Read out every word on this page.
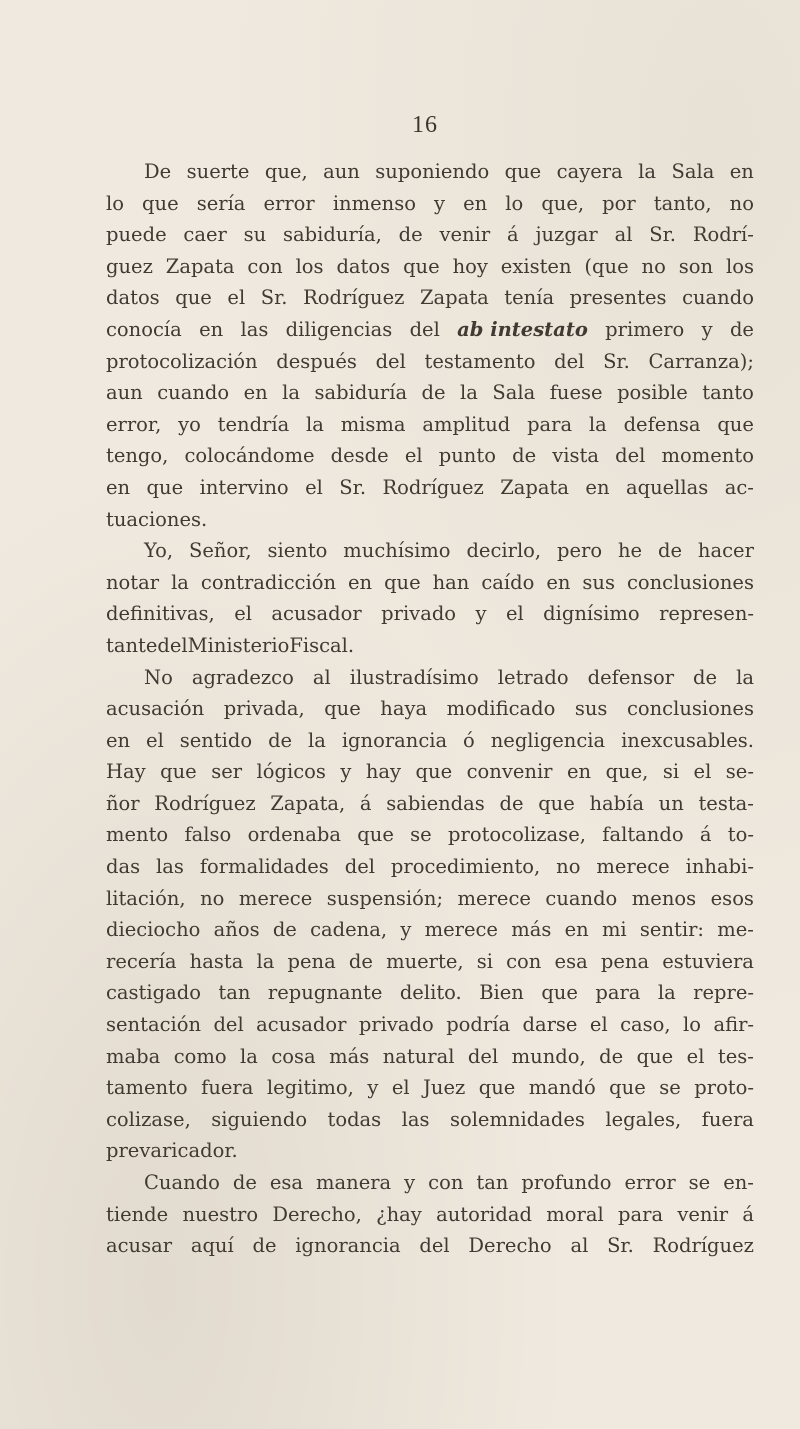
16
De suerte que, aun suponiendo que cayera la Sala en
lo que sería error inmenso y en lo que, por tanto, no
puede caer su sabiduría, de venir á juzgar al Sr. Rodrí-
guez Zapata con los datos que hoy existen (que no son los
datos que el Sr. Rodríguez Zapata tenía presentes cuando
conocía en las diligencias del ab intestato primero y de
protocolización después del testamento del Sr. Carranza);
aun cuando en la sabiduría de la Sala fuese posible tanto
error, yo tendría la misma amplitud para la defensa que
tengo, colocándome desde el punto de vista del momento
en que intervino el Sr. Rodríguez Zapata en aquellas ac-
tuaciones.
Yo, Señor, siento muchísimo decirlo, pero he de hacer
notar la contradicción en que han caído en sus conclusiones
definitivas, el acusador privado y el dignísimo represen-
tante del Ministerio Fiscal.
No agradezco al ilustradísimo letrado defensor de la
acusación privada, que haya modificado sus conclusiones
en el sentido de la ignorancia ó negligencia inexcusables.
Hay que ser lógicos y hay que convenir en que, si el se-
ñor Rodríguez Zapata, á sabiendas de que había un testa-
mento falso ordenaba que se protocolizase, faltando á to-
das las formalidades del procedimiento, no merece inhabi-
litación, no merece suspensión; merece cuando menos esos
dieciocho años de cadena, y merece más en mi sentir: me-
recería hasta la pena de muerte, si con esa pena estuviera
castigado tan repugnante delito. Bien que para la repre-
sentación del acusador privado podría darse el caso, lo afir-
maba como la cosa más natural del mundo, de que el tes-
tamento fuera legitimo, y el Juez que mandó que se proto-
colizase, siguiendo todas las solemnidades legales, fuera
prevaricador.
Cuando de esa manera y con tan profundo error se en-
tiende nuestro Derecho, ¿hay autoridad moral para venir á
acusar aquí de ignorancia del Derecho al Sr. Rodríguez
